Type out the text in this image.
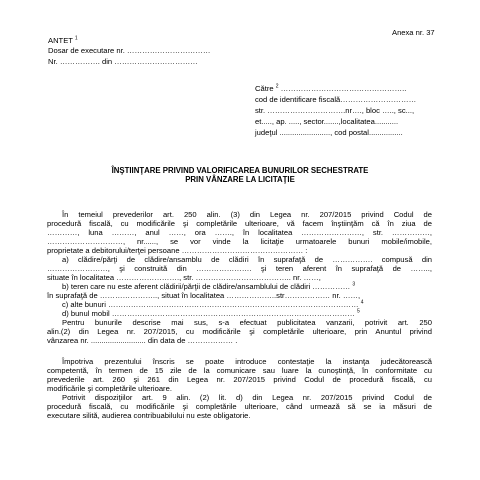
Anexa nr. 37
ANTET $^1$
Dosar de executare nr. ……………………………
Nr. ……………. din ……………………………
Către $^2$ …………………………………………..
cod de identificare fiscală…………………………
str. ………………………….nr…., bloc ….., sc...,
et....., ap. ....., sector.......,localitatea...........
judeţul ........................, cod postal................
ÎNŞTIINŢARE PRIVIND VALORIFICAREA BUNURILOR SECHESTRATE
PRIN VÂNZARE LA LICITAŢIE
În temeiul prevederilor art. 250 alin. (3) din Legea nr. 207/2015 privind Codul de
procedură fiscală, cu modificările şi completările ulterioare, vă facem înştiinţăm că în ziua de
…………, luna ………, anul ……, ora ……., în localitatea ……………………, str. ……………,
…………………………, nr......, se vor vinde la licitaţie urmatoarele bunuri mobile/imobile,
proprietate a debitorului/terţei persoane ………………………………………… :
a) clădire/părţi de clădire/ansamblu de clădiri în suprafaţă de ……………. compusă din
……………………, şi construită din …………………. şi teren aferent în suprafaţă de ……..,
situate în localitatea ……………………., str. ……………………………….. nr. ……,
b) teren care nu este aferent clădirii/părţii de clădire/ansamblului de clădiri …………… $^3$
în suprafaţă de ………………….., situat în localitatea ………………..str……………… nr. ……,
c) alte bunuri ……………………………………………………………………………………… $^4$
d) bunul mobil …………………………………………………………………………………… $^5$
Pentru bunurile descrise mai sus, s-a efectuat publicitatea vanzarii, potrivit art. 250
alin.(2) din Legea nr. 207/2015, cu modificările şi completările ulterioare, prin Anuntul privind
vânzarea nr. .......................... din data de ……………… .
Împotriva prezentului înscris se poate introduce contestaţie la instanţa judecătorească
competentă, în termen de 15 zile de la comunicare sau luare la cunoştinţă, în conformitate cu
prevederile art. 260 şi 261 din Legea nr. 207/2015 privind Codul de procedură fiscală, cu
modificările şi completările ulterioare.
Potrivit dispoziţiilor art. 9 alin. (2) lit. d) din Legea nr. 207/2015 privind Codul de
procedură fiscală, cu modificările şi completările ulterioare, când urmează să se ia măsuri de
executare silită, audierea contribuabilului nu este obligatorie.
